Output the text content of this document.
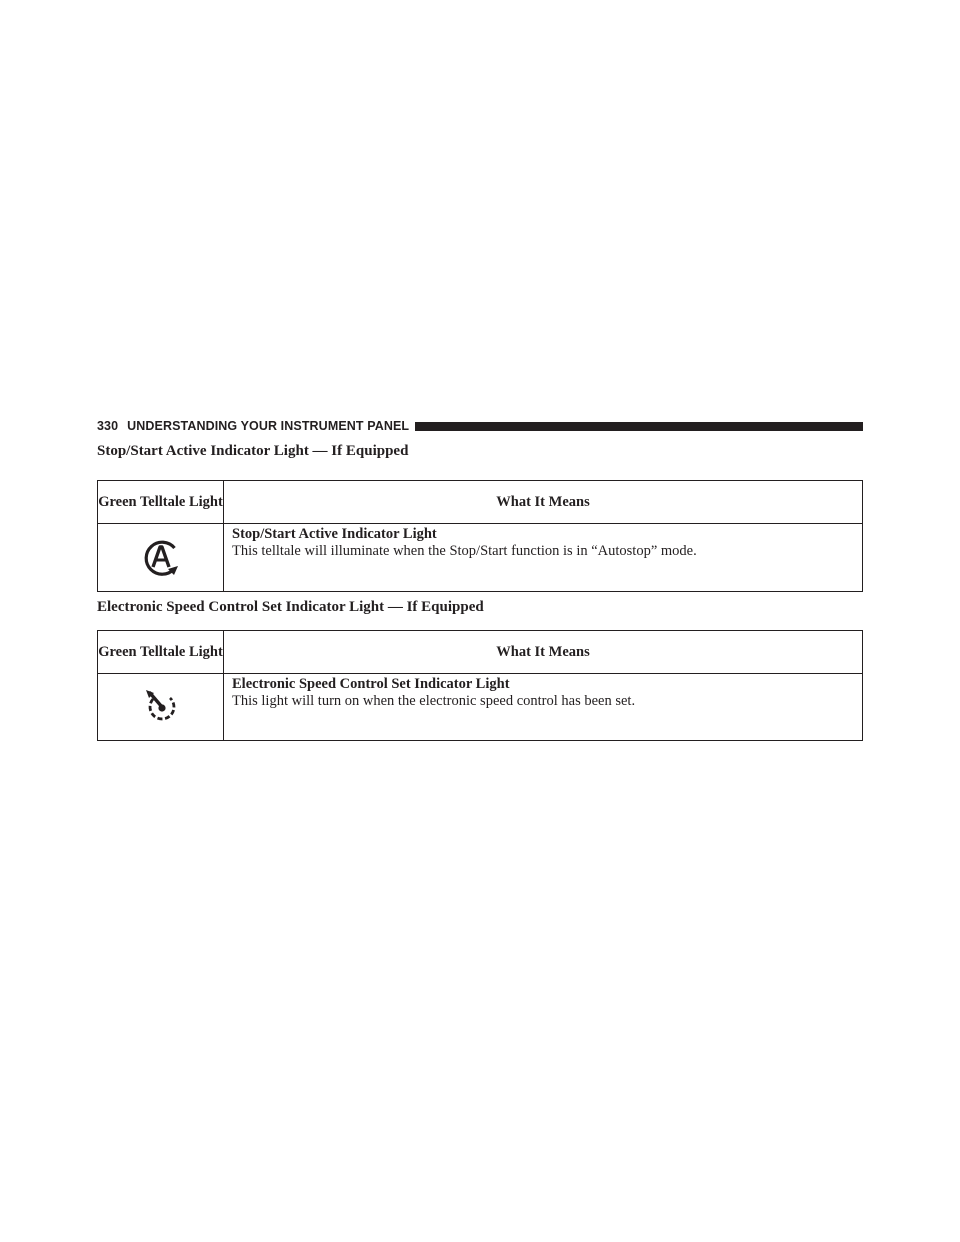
330 UNDERSTANDING YOUR INSTRUMENT PANEL
Stop/Start Active Indicator Light — If Equipped
Green Telltale Light	What It Means

Stop/Start Active Indicator Light
This telltale will illuminate when the Stop/Start function is in “Autostop” mode.
Electronic Speed Control Set Indicator Light — If Equipped
Green Telltale Light	What It Means

Electronic Speed Control Set Indicator Light
This light will turn on when the electronic speed control has been set.
